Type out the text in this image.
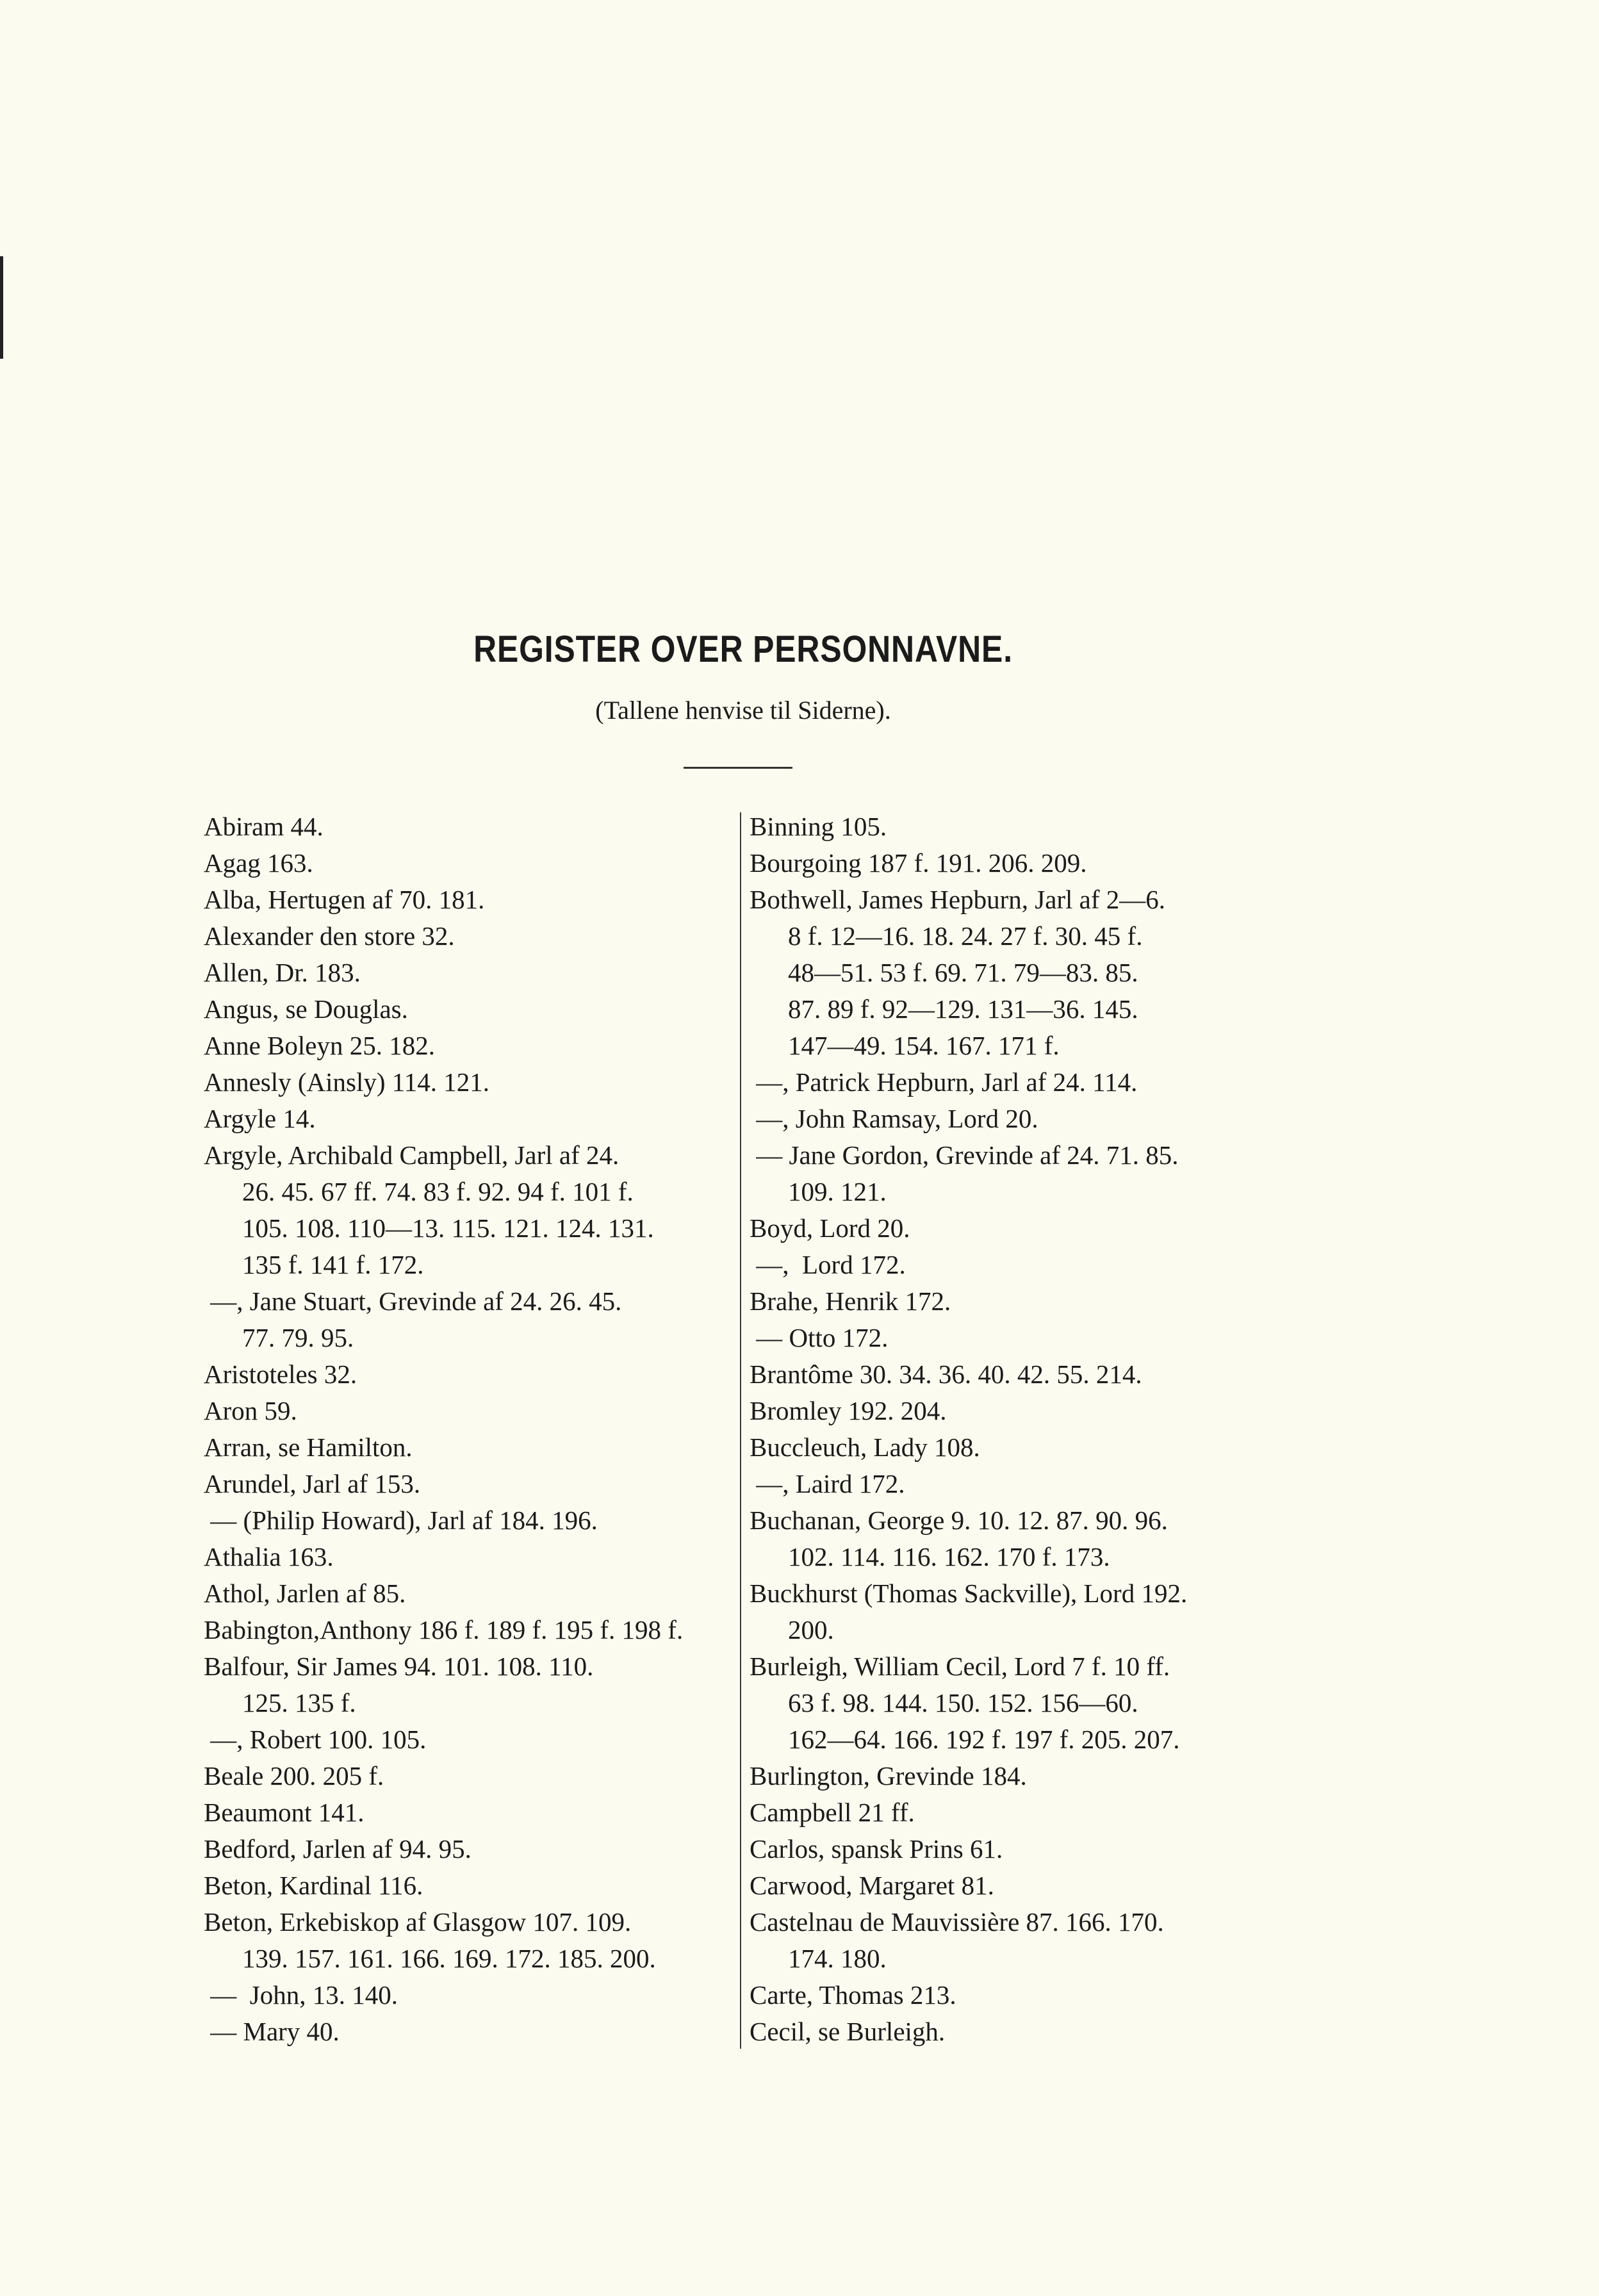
REGISTER OVER PERSONNAVNE.
(Tallene henvise til Siderne).
Abiram 44.
Agag 163.
Alba, Hertugen af 70. 181.
Alexander den store 32.
Allen, Dr. 183.
Angus, se Douglas.
Anne Boleyn 25. 182.
Annesly (Ainsly) 114. 121.
Argyle 14.
Argyle, Archibald Campbell, Jarl af 24.
26. 45. 67 ff. 74. 83 f. 92. 94 f. 101 f.
105. 108. 110—13. 115. 121. 124. 131.
135 f. 141 f. 172.
—, Jane Stuart, Grevinde af 24. 26. 45.
77. 79. 95.
Aristoteles 32.
Aron 59.
Arran, se Hamilton.
Arundel, Jarl af 153.
— (Philip Howard), Jarl af 184. 196.
Athalia 163.
Athol, Jarlen af 85.
Babington,Anthony 186 f. 189 f. 195 f. 198 f.
Balfour, Sir James 94. 101. 108. 110.
125. 135 f.
—, Robert 100. 105.
Beale 200. 205 f.
Beaumont 141.
Bedford, Jarlen af 94. 95.
Beton, Kardinal 116.
Beton, Erkebiskop af Glasgow 107. 109.
139. 157. 161. 166. 169. 172. 185. 200.
—  John, 13. 140.
— Mary 40.
Binning 105.
Bourgoing 187 f. 191. 206. 209.
Bothwell, James Hepburn, Jarl af 2—6.
8 f. 12—16. 18. 24. 27 f. 30. 45 f.
48—51. 53 f. 69. 71. 79—83. 85.
87. 89 f. 92—129. 131—36. 145.
147—49. 154. 167. 171 f.
—, Patrick Hepburn, Jarl af 24. 114.
—, John Ramsay, Lord 20.
— Jane Gordon, Grevinde af 24. 71. 85.
109. 121.
Boyd, Lord 20.
—,  Lord 172.
Brahe, Henrik 172.
— Otto 172.
Brantôme 30. 34. 36. 40. 42. 55. 214.
Bromley 192. 204.
Buccleuch, Lady 108.
—, Laird 172.
Buchanan, George 9. 10. 12. 87. 90. 96.
102. 114. 116. 162. 170 f. 173.
Buckhurst (Thomas Sackville), Lord 192.
200.
Burleigh, William Cecil, Lord 7 f. 10 ff.
63 f. 98. 144. 150. 152. 156—60.
162—64. 166. 192 f. 197 f. 205. 207.
Burlington, Grevinde 184.
Campbell 21 ff.
Carlos, spansk Prins 61.
Carwood, Margaret 81.
Castelnau de Mauvissière 87. 166. 170.
174. 180.
Carte, Thomas 213.
Cecil, se Burleigh.
